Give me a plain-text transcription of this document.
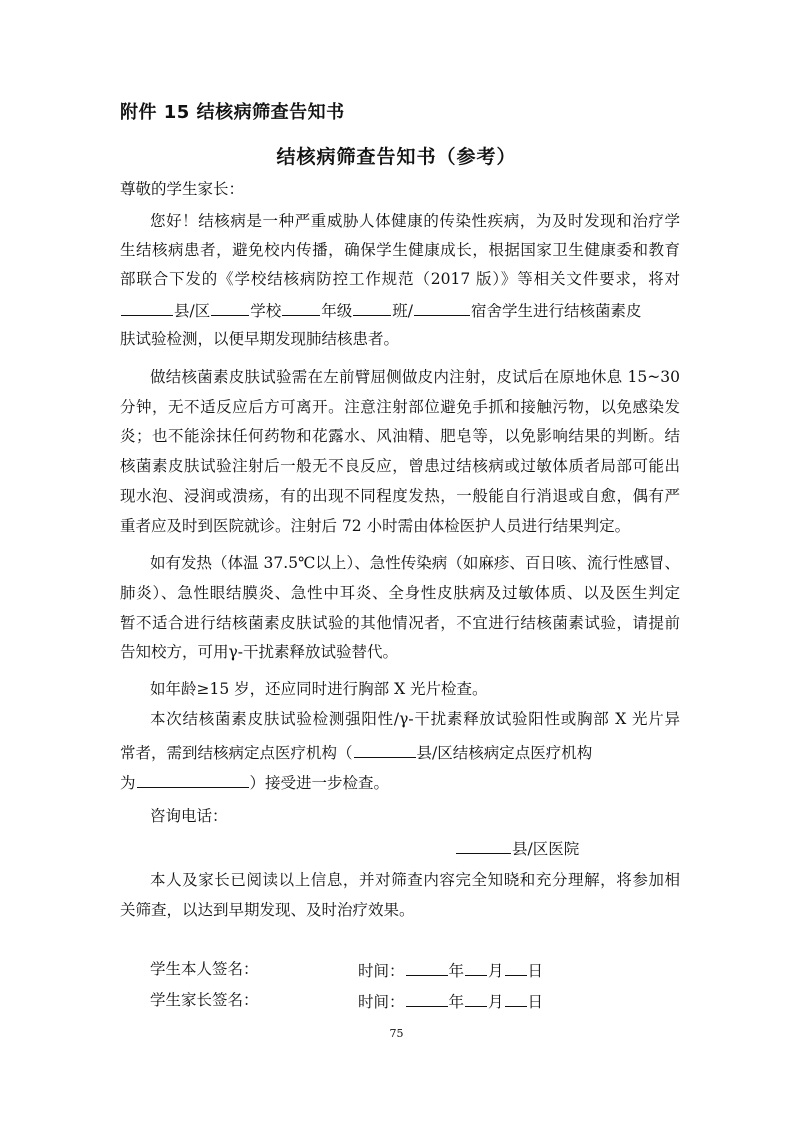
附件 15 结核病筛查告知书
结核病筛查告知书（参考）
尊敬的学生家长：
您好！结核病是一种严重威胁人体健康的传染性疾病，为及时发现和治疗学
生结核病患者，避免校内传播，确保学生健康成长，根据国家卫生健康委和教育
部联合下发的《学校结核病防控工作规范（2017 版）》等相关文件要求，将对
县/区	学校	年级	班/	宿舍学生进行结核菌素皮
肤试验检测，以便早期发现肺结核患者。
做结核菌素皮肤试验需在左前臂屈侧做皮内注射，皮试后在原地休息 15~30
分钟，无不适反应后方可离开。注意注射部位避免手抓和接触污物，以免感染发
炎；也不能涂抹任何药物和花露水、风油精、肥皂等，以免影响结果的判断。结
核菌素皮肤试验注射后一般无不良反应，曾患过结核病或过敏体质者局部可能出
现水泡、浸润或溃疡，有的出现不同程度发热，一般能自行消退或自愈，偶有严
重者应及时到医院就诊。注射后 72 小时需由体检医护人员进行结果判定。
如有发热（体温 37.5℃以上）、急性传染病（如麻疹、百日咳、流行性感冒、
肺炎）、急性眼结膜炎、急性中耳炎、全身性皮肤病及过敏体质、以及医生判定
暂不适合进行结核菌素皮肤试验的其他情况者，不宜进行结核菌素试验，请提前
告知校方，可用γ-干扰素释放试验替代。
如年龄≥15 岁，还应同时进行胸部 X 光片检查。
本次结核菌素皮肤试验检测强阳性/γ-干扰素释放试验阳性或胸部 X 光片异
常者，需到结核病定点医疗机构（	县/区结核病定点医疗机构
为	）接受进一步检查。
咨询电话：
县/区医院
本人及家长已阅读以上信息，并对筛查内容完全知晓和充分理解，将参加相
关筛查，以达到早期发现、及时治疗效果。
学生本人签名：	时间：	年 月 日
学生家长签名：	时间：	年 月 日
75
